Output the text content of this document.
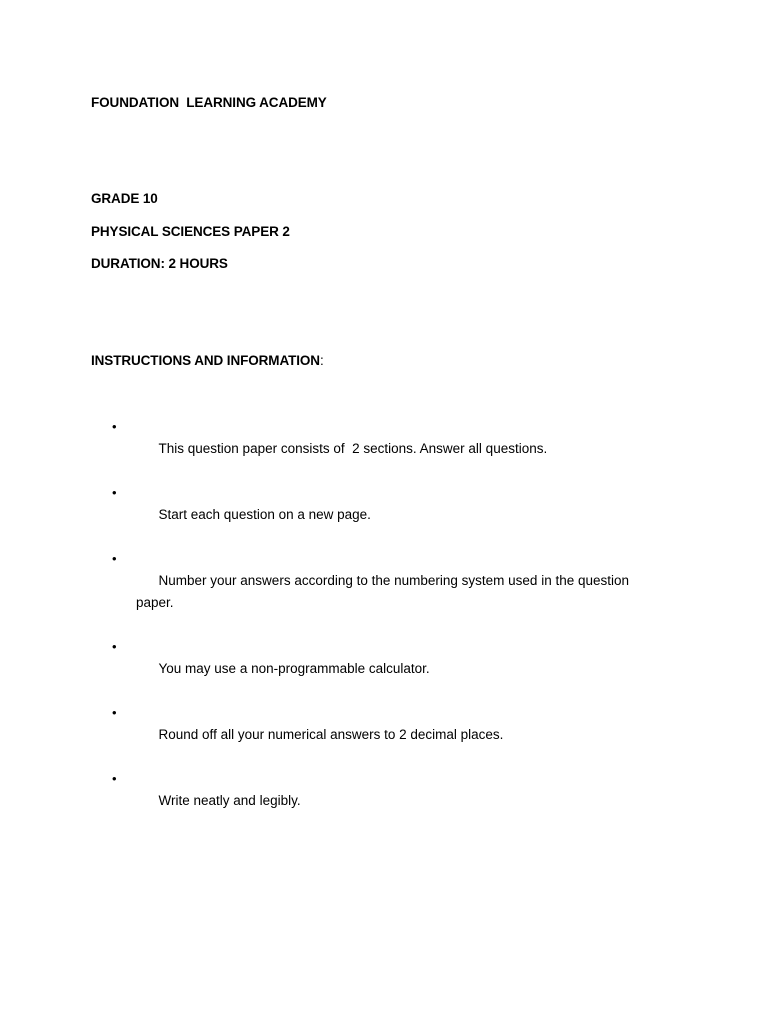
FOUNDATION  LEARNING ACADEMY
GRADE 10
PHYSICAL SCIENCES PAPER 2
DURATION: 2 HOURS
INSTRUCTIONS AND INFORMATION:

•
This question paper consists of  2 sections. Answer all questions.

•
Start each question on a new page.

•
Number your answers according to the numbering system used in the question paper.

•
You may use a non-programmable calculator.

•
Round off all your numerical answers to 2 decimal places.

•
Write neatly and legibly.
